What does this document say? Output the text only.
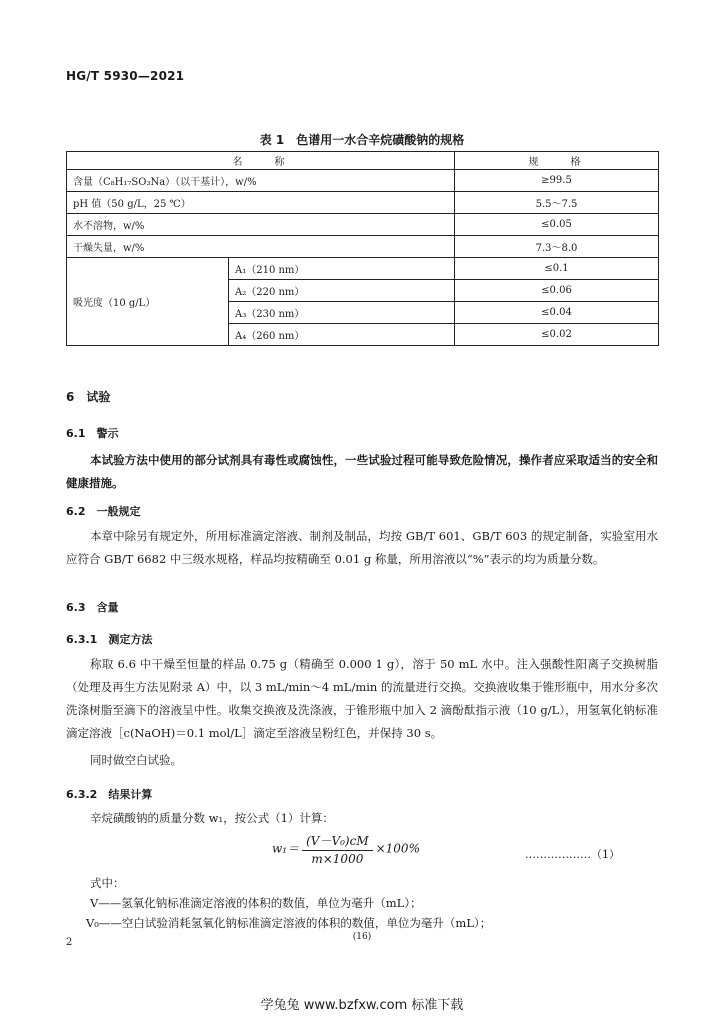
HG/T 5930—2021
表 1　色谱用一水合辛烷磺酸钠的规格
名　　称		规　　格
含量（C₈H₁₇SO₃Na）（以干基计），w/%		≥99.5
pH 值（50 g/L，25 ℃）		5.5～7.5
水不溶物，w/%		≤0.05
干燥失量，w/%		7.3～8.0
吸光度（10 g/L）	A₁（210 nm）	≤0.1
	A₂（220 nm）	≤0.06
	A₃（230 nm）	≤0.04
	A₄（260 nm）	≤0.02
6　试验
6.1　警示
本试验方法中使用的部分试剂具有毒性或腐蚀性，一些试验过程可能导致危险情况，操作者应采取适当的安全和健康措施。
6.2　一般规定
本章中除另有规定外，所用标准滴定溶液、制剂及制品，均按 GB/T 601、GB/T 603 的规定制备，实验室用水应符合 GB/T 6682 中三级水规格，样品均按精确至 0.01 g 称量，所用溶液以“%”表示的均为质量分数。
6.3　含量
6.3.1　测定方法
称取 6.6 中干燥至恒量的样品 0.75 g（精确至 0.000 1 g），溶于 50 mL 水中。注入强酸性阳离子交换树脂（处理及再生方法见附录 A）中，以 3 mL/min～4 mL/min 的流量进行交换。交换液收集于锥形瓶中，用水分多次洗涤树脂至滴下的溶液呈中性。收集交换液及洗涤液，于锥形瓶中加入 2 滴酚酞指示液（10 g/L），用氢氧化钠标准滴定溶液［c(NaOH)＝0.1 mol/L］滴定至溶液呈粉红色，并保持 30 s。
同时做空白试验。
6.3.2　结果计算
辛烷磺酸钠的质量分数 w₁，按公式（1）计算：
$w_1= \frac{\text{(V－V₀)cM}}{m\times 1000} \times 100\%$	………………（1）
式中：
V——氢氧化钠标准滴定溶液的体积的数值，单位为毫升（mL）；
V₀——空白试验消耗氢氧化钠标准滴定溶液的体积的数值，单位为毫升（mL）；
2	(16)
学兔兔 www.bzfxw.com 标准下载
